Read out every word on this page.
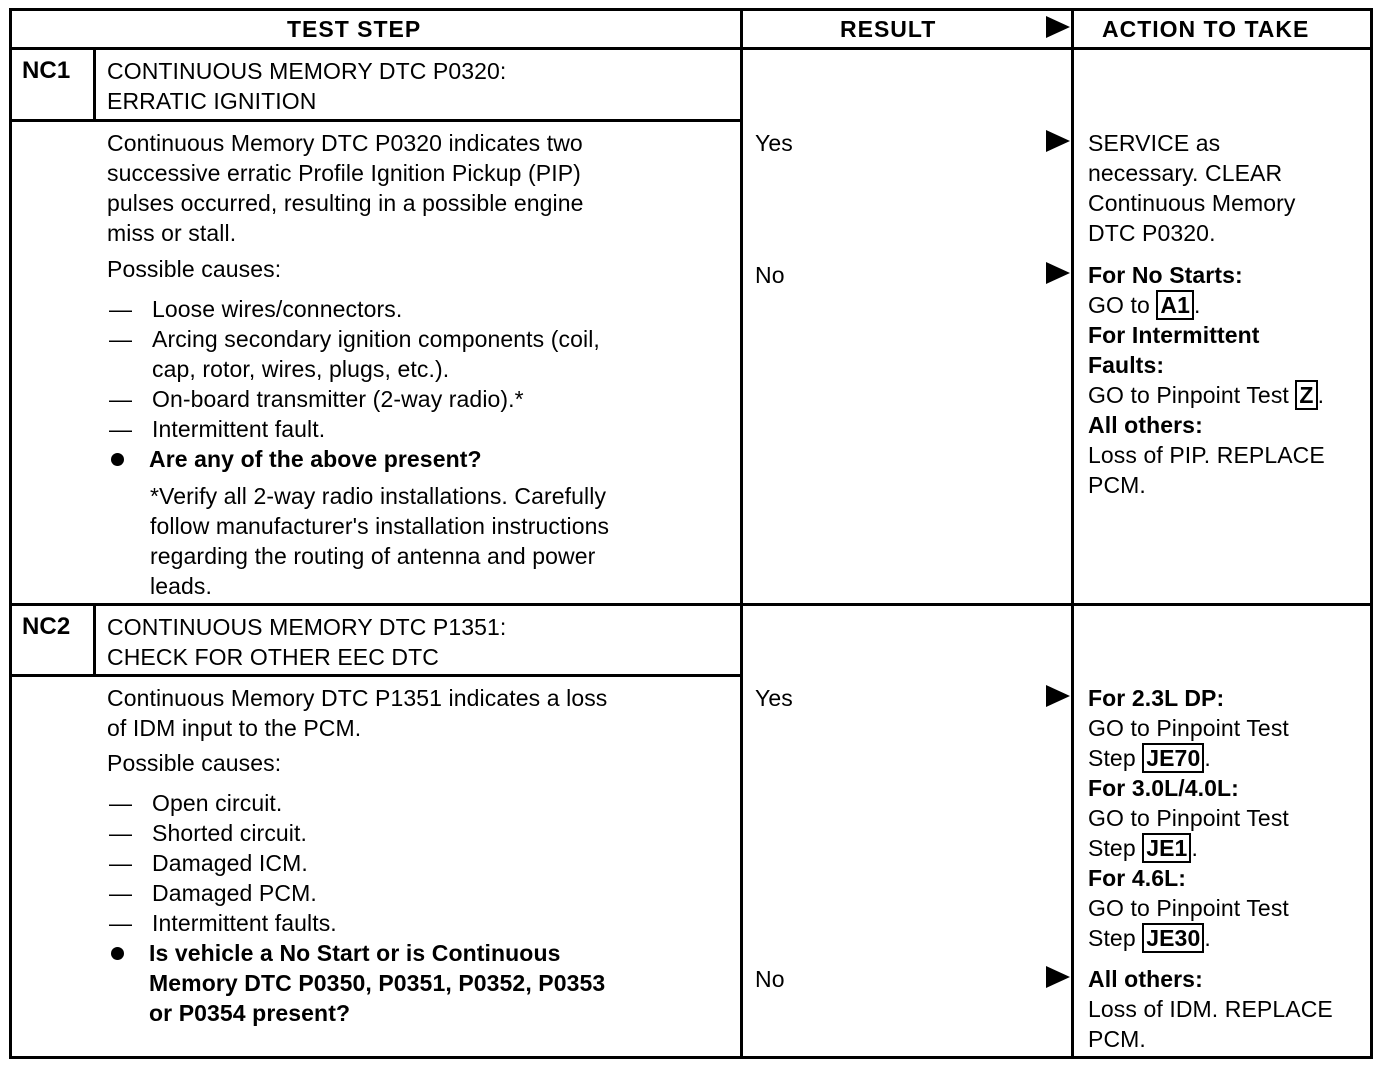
TEST STEP	RESULT	ACTION TO TAKE
NC1 CONTINUOUS MEMORY DTC P0320:
ERRATIC IGNITION
Continuous Memory DTC P0320 indicates two
successive erratic Profile Ignition Pickup (PIP)
pulses occurred, resulting in a possible engine
miss or stall.
Possible causes:
— Loose wires/connectors.
— Arcing secondary ignition components (coil,
cap, rotor, wires, plugs, etc.).
— On-board transmitter (2-way radio).*
— Intermittent fault.
Are any of the above present?
*Verify all 2-way radio installations. Carefully
follow manufacturer's installation instructions
regarding the routing of antenna and power
leads.
Yes
No
SERVICE as
necessary. CLEAR
Continuous Memory
DTC P0320.
For No Starts:
GO to A1 .
For Intermittent
Faults:
GO to Pinpoint Test Z .
All others:
Loss of PIP. REPLACE
PCM.
NC2 CONTINUOUS MEMORY DTC P1351:
CHECK FOR OTHER EEC DTC
Continuous Memory DTC P1351 indicates a loss
of IDM input to the PCM.
Possible causes:
— Open circuit.
— Shorted circuit.
— Damaged ICM.
— Damaged PCM.
— Intermittent faults.
Is vehicle a No Start or is Continuous
Memory DTC P0350, P0351, P0352, P0353
or P0354 present?
Yes
No
For 2.3L DP:
GO to Pinpoint Test
Step JE70 .
For 3.0L/4.0L:
GO to Pinpoint Test
Step JE1 .
For 4.6L:
GO to Pinpoint Test
Step JE30 .
All others:
Loss of IDM. REPLACE
PCM.
